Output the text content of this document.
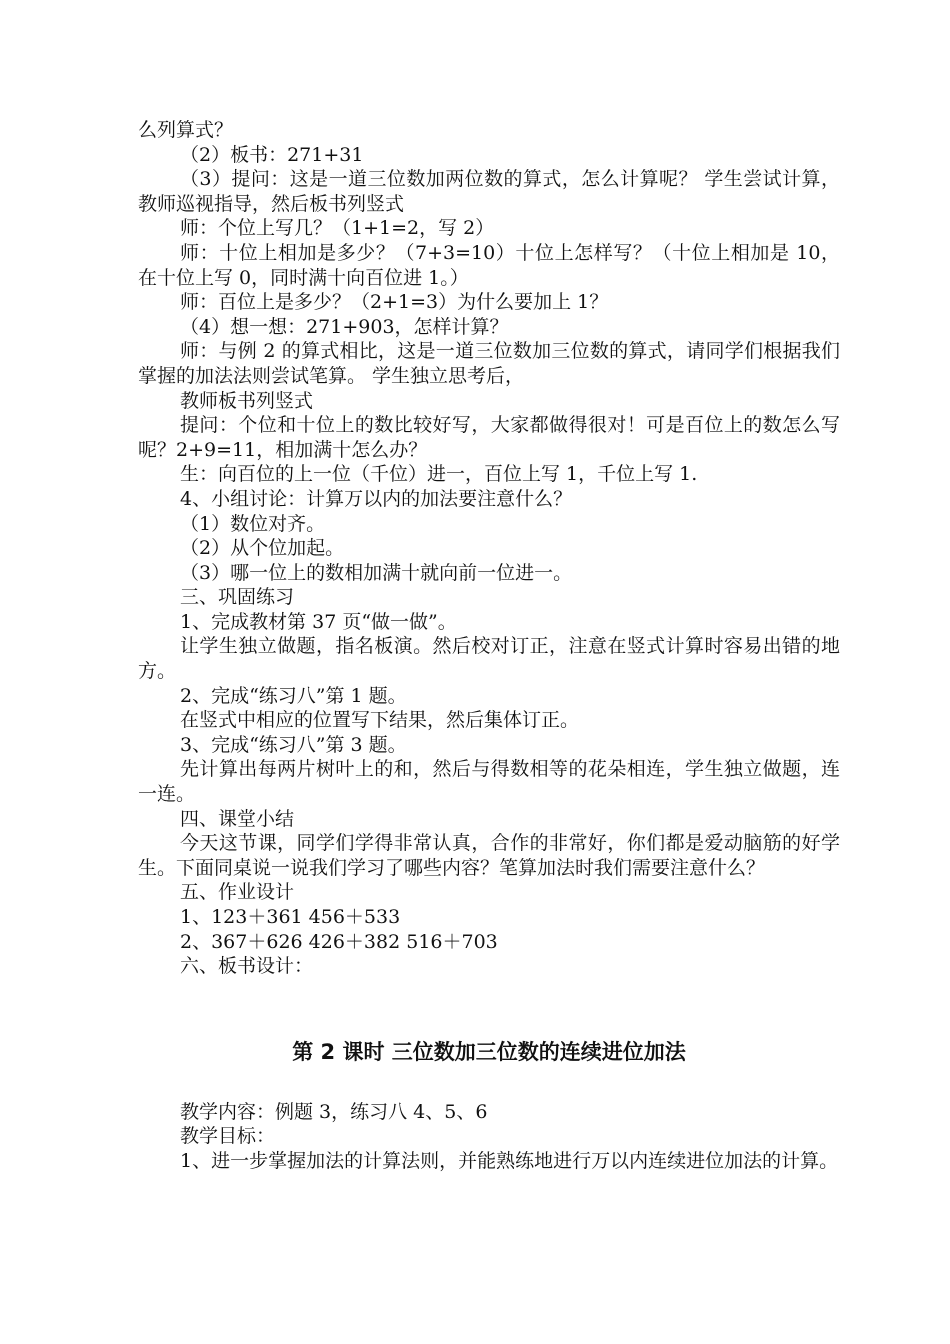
么列算式？

（2）板书：271+31

（3）提问：这是一道三位数加两位数的算式，怎么计算呢？ 学生尝试计算，教师巡视指导，然后板书列竖式

师：个位上写几？（1+1=2，写 2）

师：十位上相加是多少？（7+3=10）十位上怎样写？（十位上相加是 10，在十位上写 0，同时满十向百位进 1。）

师：百位上是多少？（2+1=3）为什么要加上 1？

（4）想一想：271+903，怎样计算？

师：与例 2 的算式相比，这是一道三位数加三位数的算式，请同学们根据我们掌握的加法法则尝试笔算。 学生独立思考后，

教师板书列竖式

提问：个位和十位上的数比较好写，大家都做得很对！可是百位上的数怎么写呢？2+9=11，相加满十怎么办？

生：向百位的上一位（千位）进一，百位上写 1，千位上写 1.

4、小组讨论：计算万以内的加法要注意什么？

（1）数位对齐。

（2）从个位加起。

（3）哪一位上的数相加满十就向前一位进一。

三、巩固练习

1、完成教材第 37 页“做一做”。

让学生独立做题，指名板演。然后校对订正，注意在竖式计算时容易出错的地方。

2、完成“练习八”第 1 题。

在竖式中相应的位置写下结果，然后集体订正。

3、完成“练习八”第 3 题。

先计算出每两片树叶上的和，然后与得数相等的花朵相连，学生独立做题，连一连。

四、课堂小结

今天这节课，同学们学得非常认真，合作的非常好，你们都是爱动脑筋的好学生。下面同桌说一说我们学习了哪些内容？笔算加法时我们需要注意什么？

五、作业设计

1、123＋361 456＋533

2、367＋626 426＋382 516＋703

六、板书设计：

第 2 课时 三位数加三位数的连续进位加法

教学内容：例题 3，练习八 4、5、6

教学目标：

1、进一步掌握加法的计算法则，并能熟练地进行万以内连续进位加法的计算。
